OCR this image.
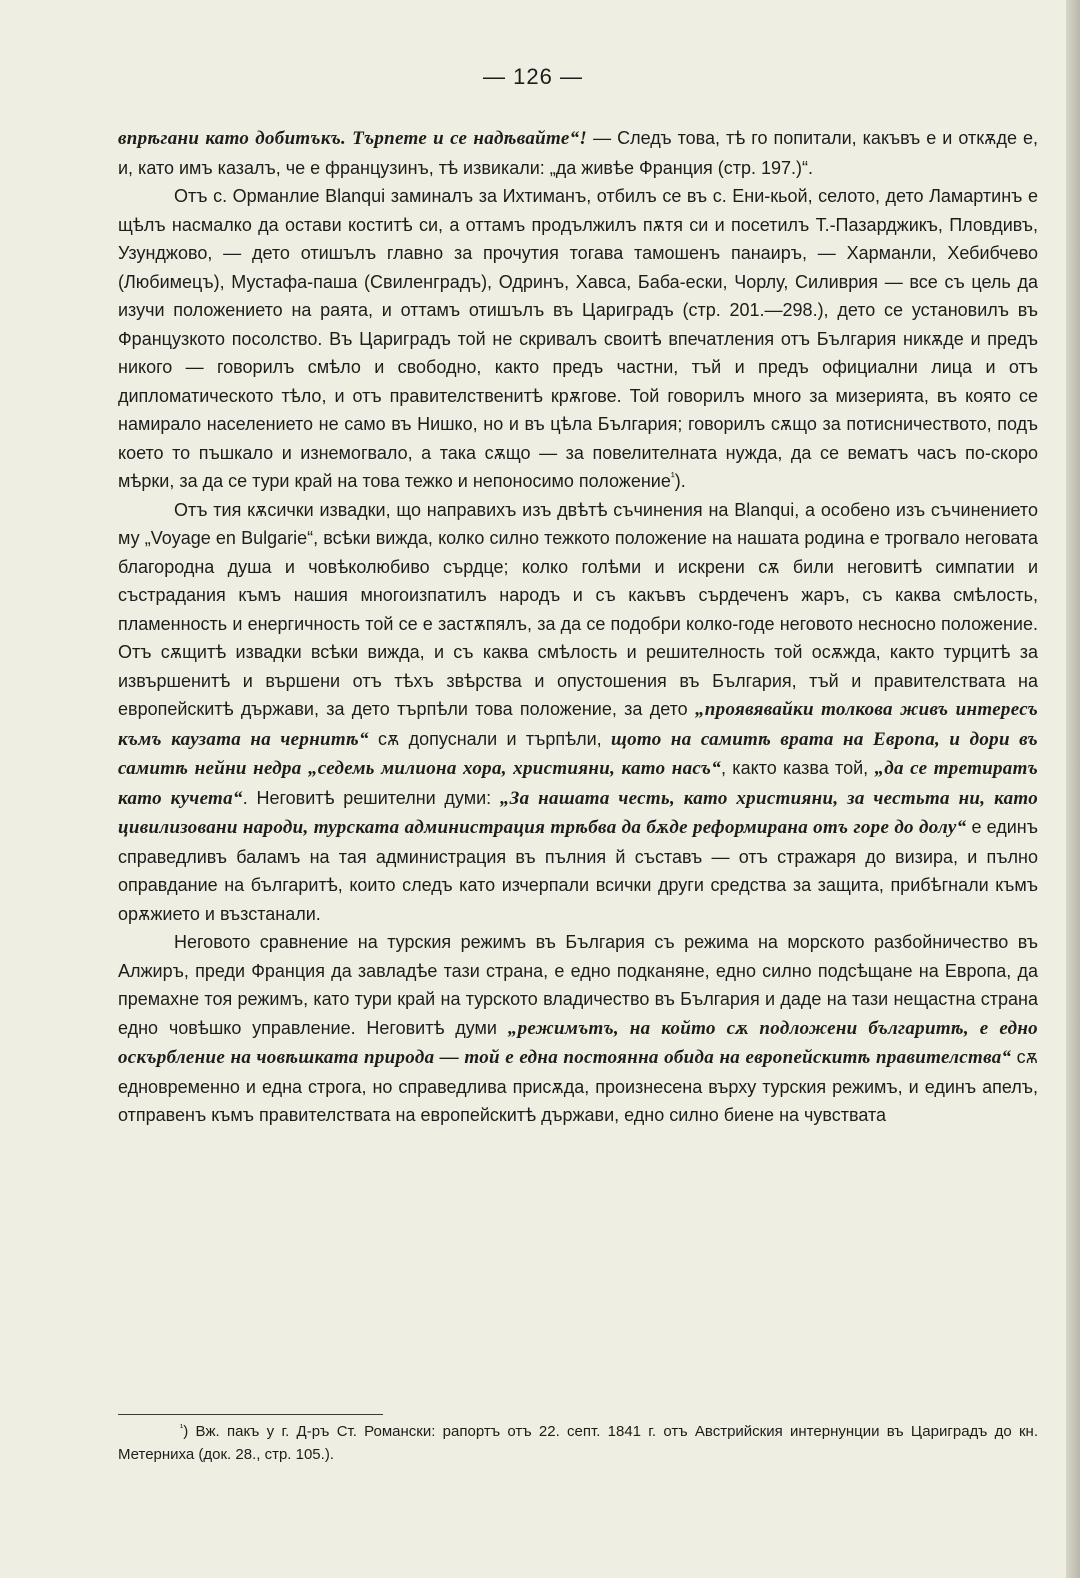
— 126 —

впрѣгани като добитъкъ. Търпете и се надѣвайте“! — Следъ това, тѣ го попитали, какъвъ е и откѫде е, и, като имъ казалъ, че е французинъ, тѣ извикали: „да живѣе Франция (стр. 197.)“.

Отъ с. Орманлие Blanqui заминалъ за Ихтиманъ, отбилъ се въ с. Ени-кьой, селото, дето Ламартинъ е щѣлъ насмалко да остави коститѣ си, а оттамъ продължилъ пѫтя си и посетилъ Т.-Пазарджикъ, Пловдивъ, Узунджово, — дето отишълъ главно за прочутия тогава тамошенъ панаиръ, — Харманли, Хебибчево (Любимецъ), Мустафа-паша (Свиленградъ), Одринъ, Хавса, Баба-ески, Чорлу, Силиврия — все съ цель да изучи положението на раята, и оттамъ отишълъ въ Цариградъ (стр. 201.—298.), дето се установилъ въ Французкото посолство. Въ Цариградъ той не скривалъ своитѣ впечатления отъ България никѫде и предъ никого — говорилъ смѣло и свободно, както предъ частни, тъй и предъ официални лица и отъ дипломатическото тѣло, и отъ правителственитѣ крѫгове. Той говорилъ много за мизерията, въ която се намирало населението не само въ Нишко, но и въ цѣла България; говорилъ сѫщо за потисничеството, подъ което то пъшкало и изнемогвало, а така сѫщо — за повелителната нужда, да се вематъ часъ по-скоро мѣрки, за да се тури край на това тежко и непоносимо положение$^{^1}$).

Отъ тия кѫсички извадки, що направихъ изъ двѣтѣ съчинения на Blanqui, а особено изъ съчинението му „Voyage en Bulgarie“, всѣки вижда, колко силно тежкото положение на нашата родина е трогвало неговата благородна душа и човѣколюбиво сърдце; колко голѣми и искрени сѫ били неговитѣ симпатии и състрадания къмъ нашия многоизпатилъ народъ и съ какъвъ сърдеченъ жаръ, съ каква смѣлость, пламенность и енергичность той се е застѫпялъ, за да се подобри колко-годе неговото несносно положение. Отъ сѫщитѣ извадки всѣки вижда, и съ каква смѣлость и решителность той осѫжда, както турцитѣ за извършенитѣ и вършени отъ тѣхъ звѣрства и опустошения въ България, тъй и правителствата на европейскитѣ държави, за дето търпѣли това положение, за дето „проявявайки толкова живъ интересъ къмъ каузата на чернитѣ“ сѫ допуснали и търпѣли, щото на самитѣ врата на Европа, и дори въ самитѣ нейни недра „седемь милиона хора, християни, като насъ“, както казва той, „да се третиратъ като кучета“. Неговитѣ решителни думи: „За нашата честь, като християни, за честьта ни, като цивилизовани народи, турската администрация трѣбва да бѫде реформирана отъ горе до долу“ е единъ справедливъ баламъ на тая администрация въ пълния й съставъ — отъ стражаря до визира, и пълно оправдание на българитѣ, които следъ като изчерпали всички други средства за защита, прибѣгнали къмъ орѫжието и възстанали.

Неговото сравнение на турския режимъ въ България съ режима на морското разбойничество въ Алжиръ, преди Франция да завладѣе тази страна, е едно подканяне, едно силно подсѣщане на Европа, да премахне тоя режимъ, като тури край на турското владичество въ България и даде на тази нещастна страна едно човѣшко управление. Неговитѣ думи „режимътъ, на който сѫ подложени българитѣ, е едно оскърбление на човѣшката природа — той е една постоянна обида на европейскитѣ правителства“ сѫ едновременно и една строга, но справедлива присѫда, произнесена върху турския режимъ, и единъ апелъ, отправенъ къмъ правителствата на европейскитѣ държави, едно силно биене на чувствата

$^{^1}$) Вж. пакъ у г. Д-ръ Ст. Романски: рапортъ отъ 22. септ. 1841 г. отъ Австрийския интернунции въ Цариградъ до кн. Метерниха (док. 28., стр. 105.).
